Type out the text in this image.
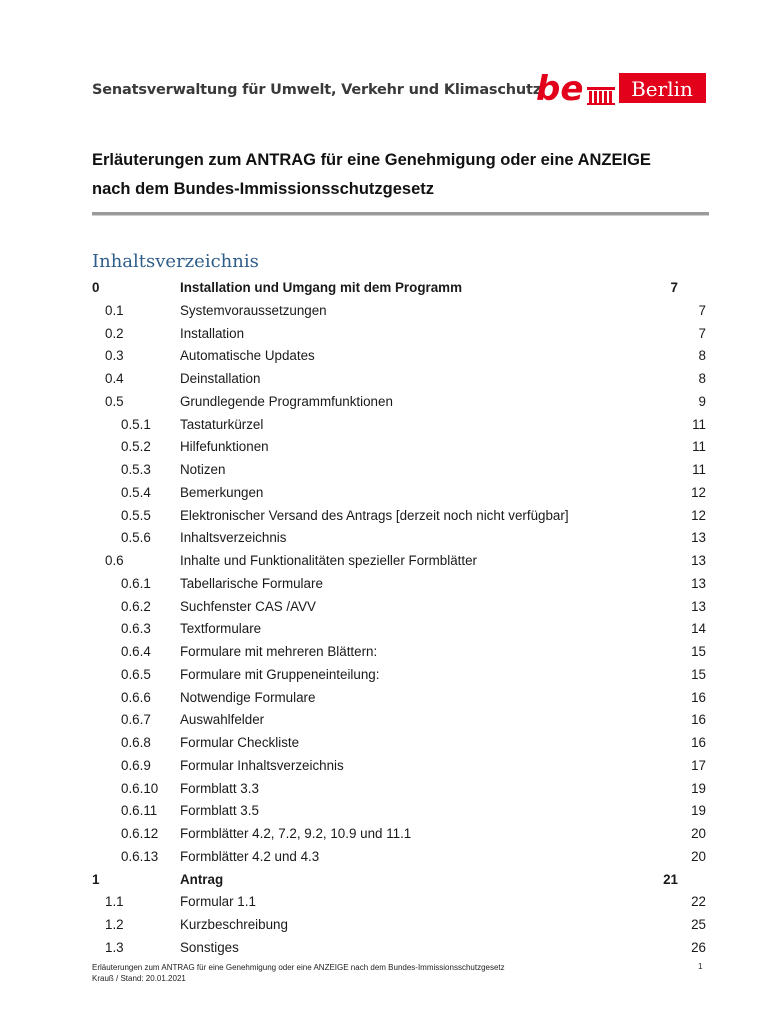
Senatsverwaltung für Umwelt, Verkehr und Klimaschutz
be Berlin
Erläuterungen zum ANTRAG für eine Genehmigung oder eine ANZEIGE
nach dem Bundes-Immissionsschutzgesetz
Inhaltsverzeichnis
0	Installation und Umgang mit dem Programm	7
0.1	Systemvoraussetzungen	7
0.2	Installation	7
0.3	Automatische Updates	8
0.4	Deinstallation	8
0.5	Grundlegende Programmfunktionen	9
0.5.1 Tastaturkürzel	11
0.5.2 Hilfefunktionen	11
0.5.3 Notizen	11
0.5.4 Bemerkungen	12
0.5.5 Elektronischer Versand des Antrags [derzeit noch nicht verfügbar]	12
0.5.6 Inhaltsverzeichnis	13
0.6	Inhalte und Funktionalitäten spezieller Formblätter	13
0.6.1 Tabellarische Formulare	13
0.6.2 Suchfenster CAS /AVV	13
0.6.3 Textformulare	14
0.6.4 Formulare mit mehreren Blättern:	15
0.6.5 Formulare mit Gruppeneinteilung:	15
0.6.6 Notwendige Formulare	16
0.6.7 Auswahlfelder	16
0.6.8 Formular Checkliste	16
0.6.9 Formular Inhaltsverzeichnis	17
0.6.10 Formblatt 3.3	19
0.6.11 Formblatt 3.5	19
0.6.12 Formblätter 4.2, 7.2, 9.2, 10.9 und 11.1	20
0.6.13 Formblätter 4.2 und 4.3	20
1	Antrag	21
1.1	Formular 1.1	22
1.2	Kurzbeschreibung	25
1.3	Sonstiges	26
Erläuterungen zum ANTRAG für eine Genehmigung oder eine ANZEIGE nach dem Bundes-Immissionsschutzgesetz
Krauß / Stand: 20.01.2021
1
